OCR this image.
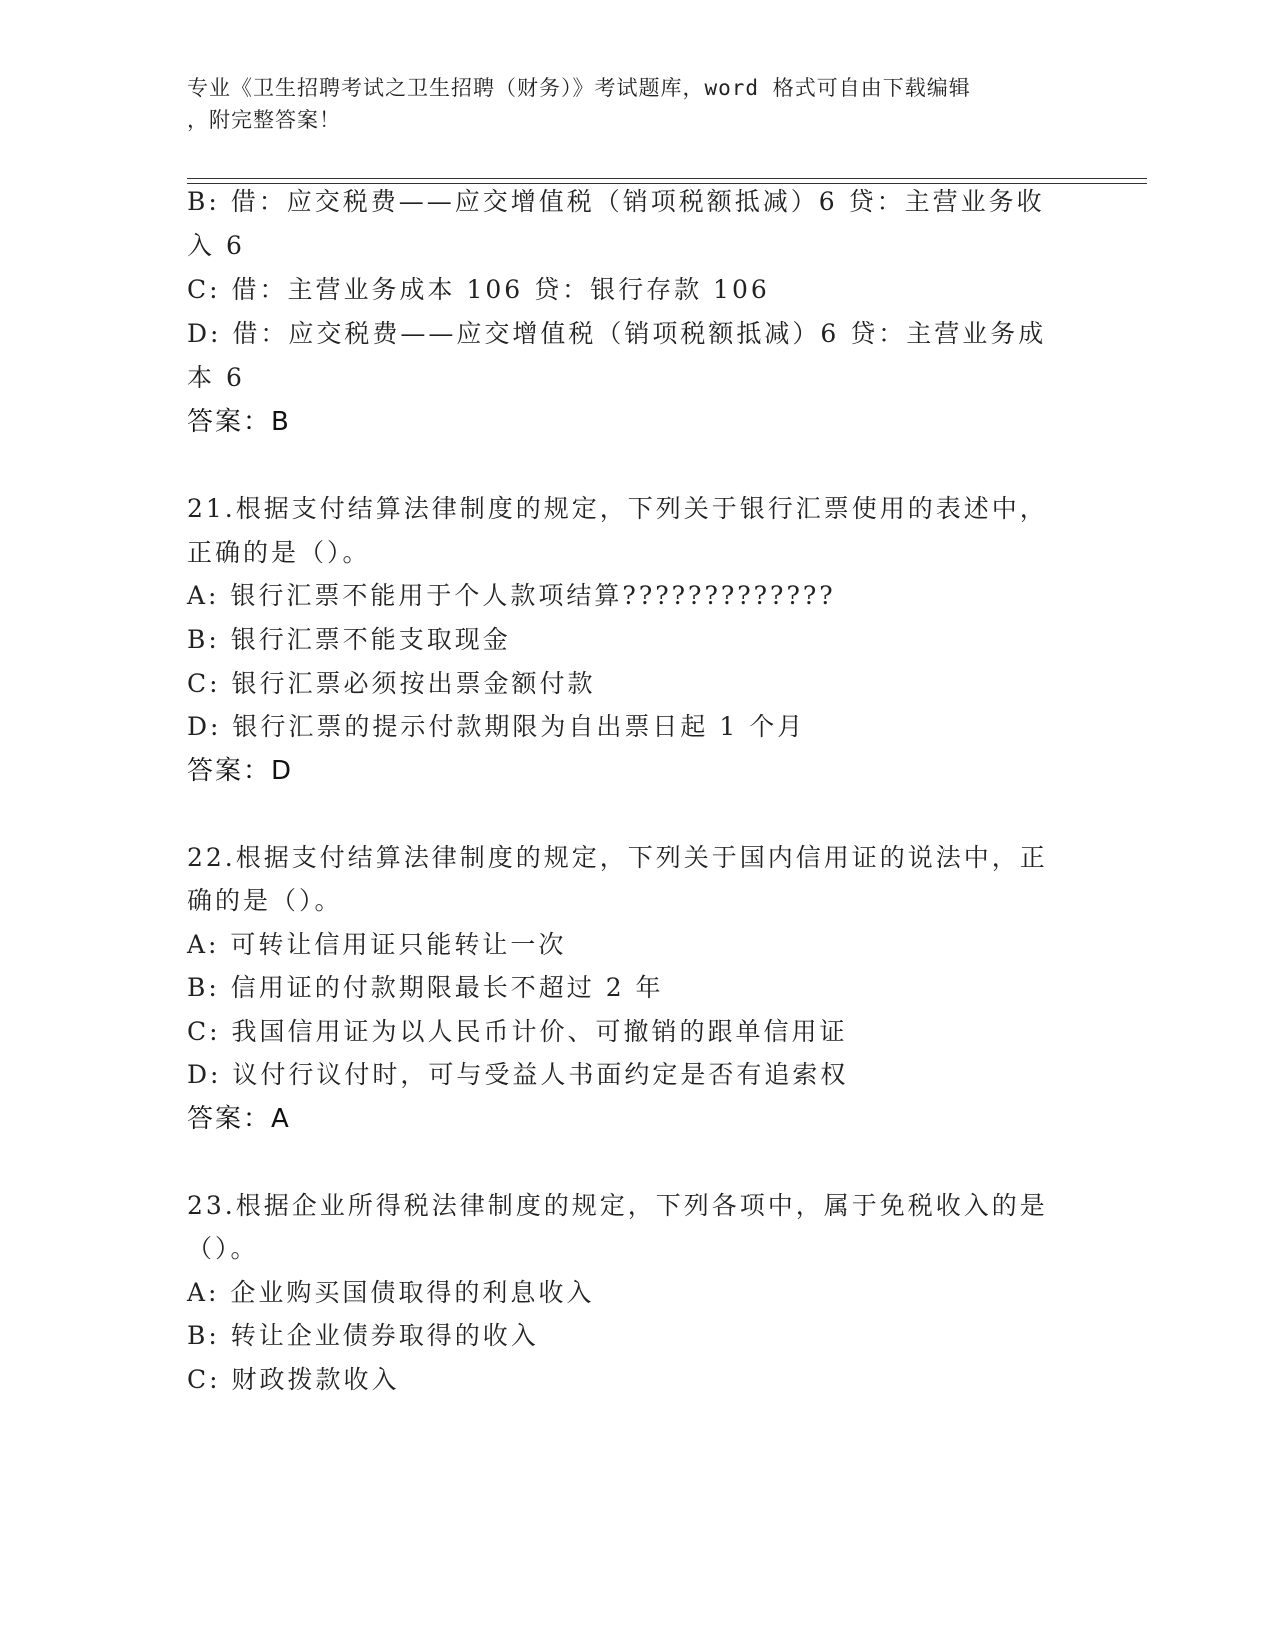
专业《卫生招聘考试之卫生招聘（财务）》考试题库，word 格式可自由下载编辑
，附完整答案！
B: 借：应交税费——应交增值税（销项税额抵减）6 贷：主营业务收
入 6
C: 借：主营业务成本 106 贷：银行存款 106
D: 借：应交税费——应交增值税（销项税额抵减）6 贷：主营业务成
本 6
答案：B
21.根据支付结算法律制度的规定，下列关于银行汇票使用的表述中，
正确的是（）。
A: 银行汇票不能用于个人款项结算?????????????
B: 银行汇票不能支取现金
C: 银行汇票必须按出票金额付款
D: 银行汇票的提示付款期限为自出票日起 1 个月
答案：D
22.根据支付结算法律制度的规定，下列关于国内信用证的说法中，正
确的是（）。
A: 可转让信用证只能转让一次
B: 信用证的付款期限最长不超过 2 年
C: 我国信用证为以人民币计价、可撤销的跟单信用证
D: 议付行议付时，可与受益人书面约定是否有追索权
答案：A
23.根据企业所得税法律制度的规定，下列各项中，属于免税收入的是
（）。
A: 企业购买国债取得的利息收入
B: 转让企业债券取得的收入
C: 财政拨款收入
